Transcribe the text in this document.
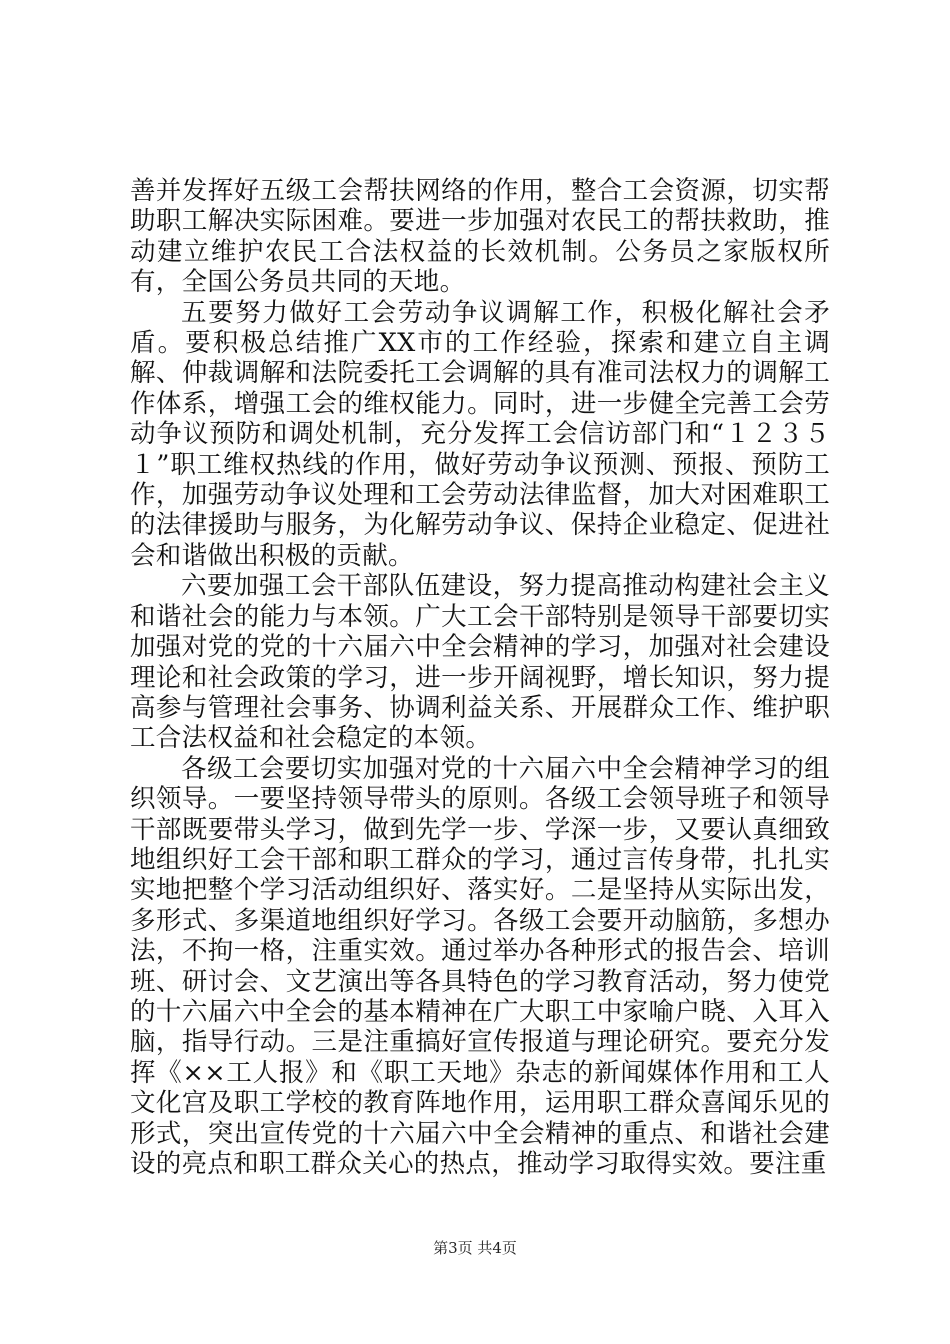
善并发挥好五级工会帮扶网络的作用，整合工会资源，切实帮助职工解决实际困难。要进一步加强对农民工的帮扶救助，推动建立维护农民工合法权益的长效机制。公务员之家版权所有，全国公务员共同的天地。

五要努力做好工会劳动争议调解工作，积极化解社会矛盾。要积极总结推广XX市的工作经验，探索和建立自主调解、仲裁调解和法院委托工会调解的具有准司法权力的调解工作体系，增强工会的维权能力。同时，进一步健全完善工会劳动争议预防和调处机制，充分发挥工会信访部门和“１２３５１”职工维权热线的作用，做好劳动争议预测、预报、预防工作，加强劳动争议处理和工会劳动法律监督，加大对困难职工的法律援助与服务，为化解劳动争议、保持企业稳定、促进社会和谐做出积极的贡献。

六要加强工会干部队伍建设，努力提高推动构建社会主义和谐社会的能力与本领。广大工会干部特别是领导干部要切实加强对党的党的十六届六中全会精神的学习，加强对社会建设理论和社会政策的学习，进一步开阔视野，增长知识，努力提高参与管理社会事务、协调利益关系、开展群众工作、维护职工合法权益和社会稳定的本领。

各级工会要切实加强对党的十六届六中全会精神学习的组织领导。一要坚持领导带头的原则。各级工会领导班子和领导干部既要带头学习，做到先学一步、学深一步，又要认真细致地组织好工会干部和职工群众的学习，通过言传身带，扎扎实实地把整个学习活动组织好、落实好。二是坚持从实际出发，多形式、多渠道地组织好学习。各级工会要开动脑筋，多想办法，不拘一格，注重实效。通过举办各种形式的报告会、培训班、研讨会、文艺演出等各具特色的学习教育活动，努力使党的十六届六中全会的基本精神在广大职工中家喻户晓、入耳入脑，指导行动。三是注重搞好宣传报道与理论研究。要充分发挥《××工人报》和《职工天地》杂志的新闻媒体作用和工人文化宫及职工学校的教育阵地作用，运用职工群众喜闻乐见的形式，突出宣传党的十六届六中全会精神的重点、和谐社会建设的亮点和职工群众关心的热点，推动学习取得实效。要注重

第3页 共4页
